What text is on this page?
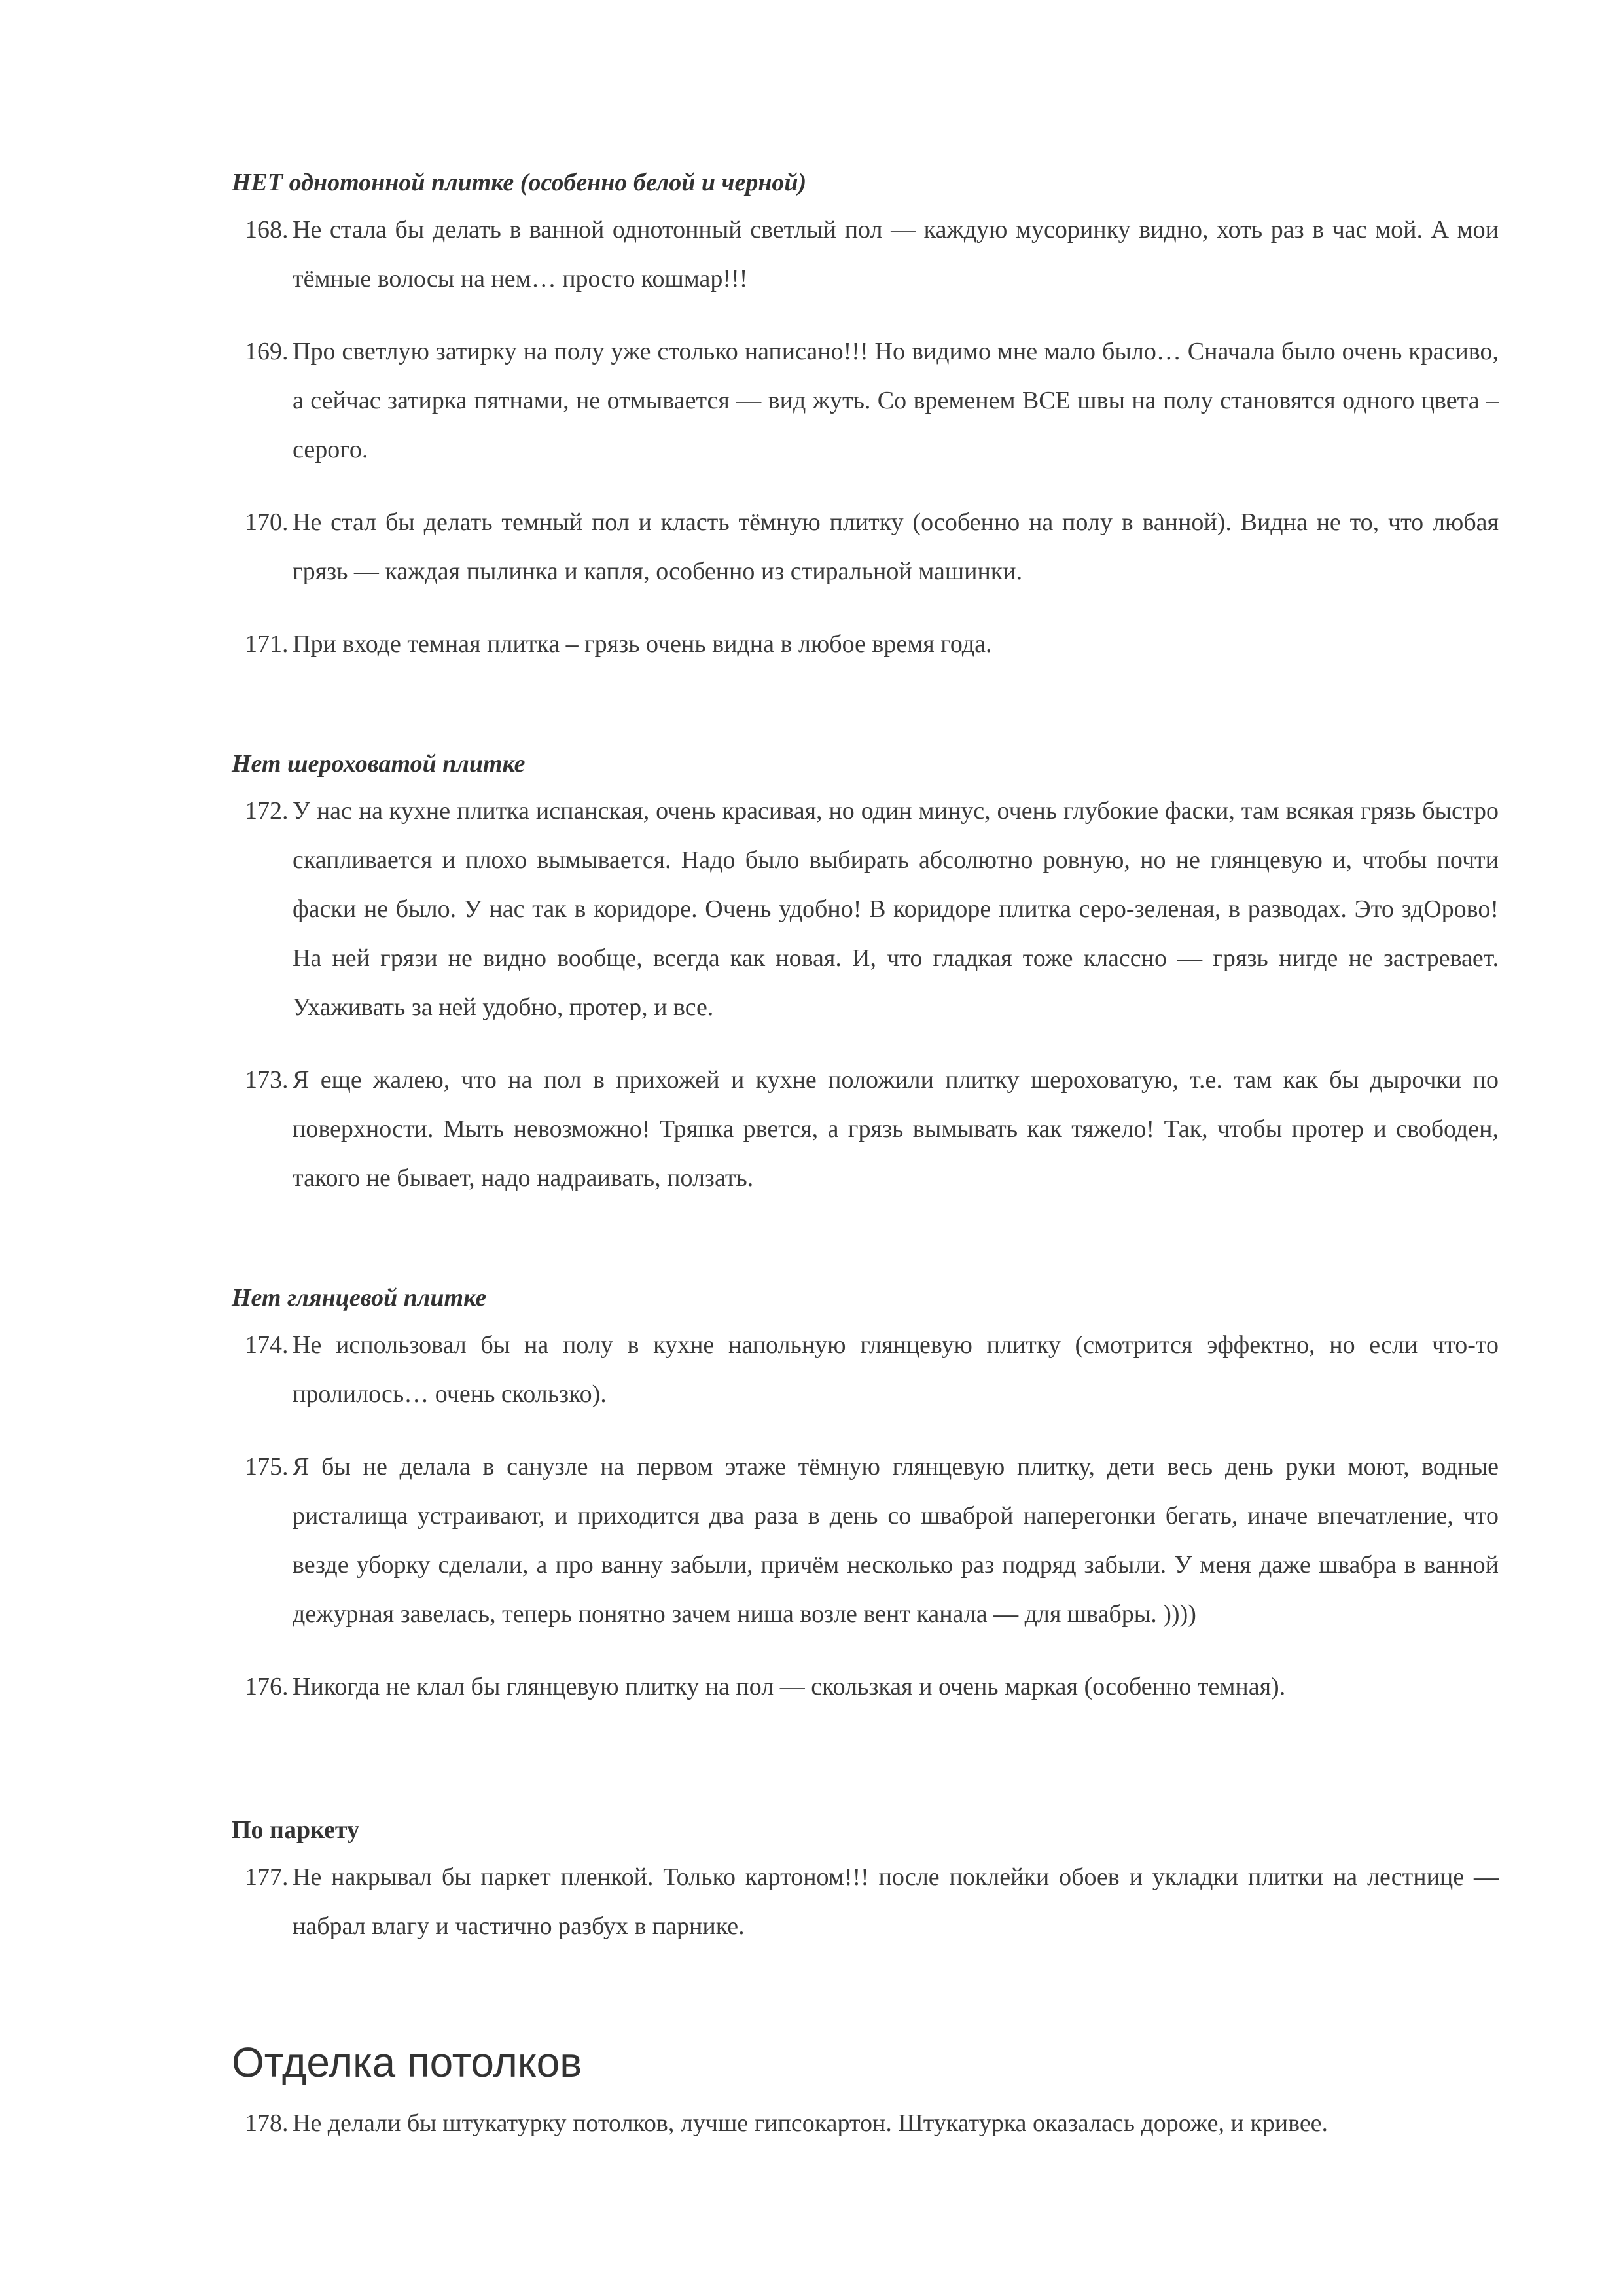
НЕТ однотонной плитке (особенно белой и черной)
168. Не стала бы делать в ванной однотонный светлый пол — каждую мусоринку видно, хоть раз в час мой. А мои тёмные волосы на нем… просто кошмар!!!
169. Про светлую затирку на полу уже столько написано!!! Но видимо мне мало было… Сначала было очень красиво, а сейчас затирка пятнами, не отмывается — вид жуть. Со временем ВСЕ швы на полу становятся одного цвета – серого.
170. Не стал бы делать темный пол и класть тёмную плитку (особенно на полу в ванной). Видна не то, что любая грязь — каждая пылинка и капля, особенно из стиральной машинки.
171. При входе темная плитка – грязь очень видна в любое время года.
Нет шероховатой плитке
172. У нас на кухне плитка испанская, очень красивая, но один минус, очень глубокие фаски, там всякая грязь быстро скапливается и плохо вымывается. Надо было выбирать абсолютно ровную, но не глянцевую и, чтобы почти фаски не было. У нас так в коридоре. Очень удобно! В коридоре плитка серо-зеленая, в разводах. Это здОрово! На ней грязи не видно вообще, всегда как новая. И, что гладкая тоже классно — грязь нигде не застревает. Ухаживать за ней удобно, протер, и все.
173. Я еще жалею, что на пол в прихожей и кухне положили плитку шероховатую, т.е. там как бы дырочки по поверхности. Мыть невозможно! Тряпка рвется, а грязь вымывать как тяжело! Так, чтобы протер и свободен, такого не бывает, надо надраивать, ползать.
Нет глянцевой плитке
174. Не использовал бы на полу в кухне напольную глянцевую плитку (смотрится эффектно, но если что-то пролилось… очень скользко).
175. Я бы не делала в санузле на первом этаже тёмную глянцевую плитку, дети весь день руки моют, водные ристалища устраивают, и приходится два раза в день со шваброй наперегонки бегать, иначе впечатление, что везде уборку сделали, а про ванну забыли, причём несколько раз подряд забыли. У меня даже швабра в ванной дежурная завелась, теперь понятно зачем ниша возле вент канала — для швабры. ))))
176. Никогда не клал бы глянцевую плитку на пол — скользкая и очень маркая (особенно темная).
По паркету
177. Не накрывал бы паркет пленкой. Только картоном!!! после поклейки обоев и укладки плитки на лестнице — набрал влагу и частично разбух в парнике.
Отделка потолков
178. Не делали бы штукатурку потолков, лучше гипсокартон. Штукатурка оказалась дороже, и кривее.
